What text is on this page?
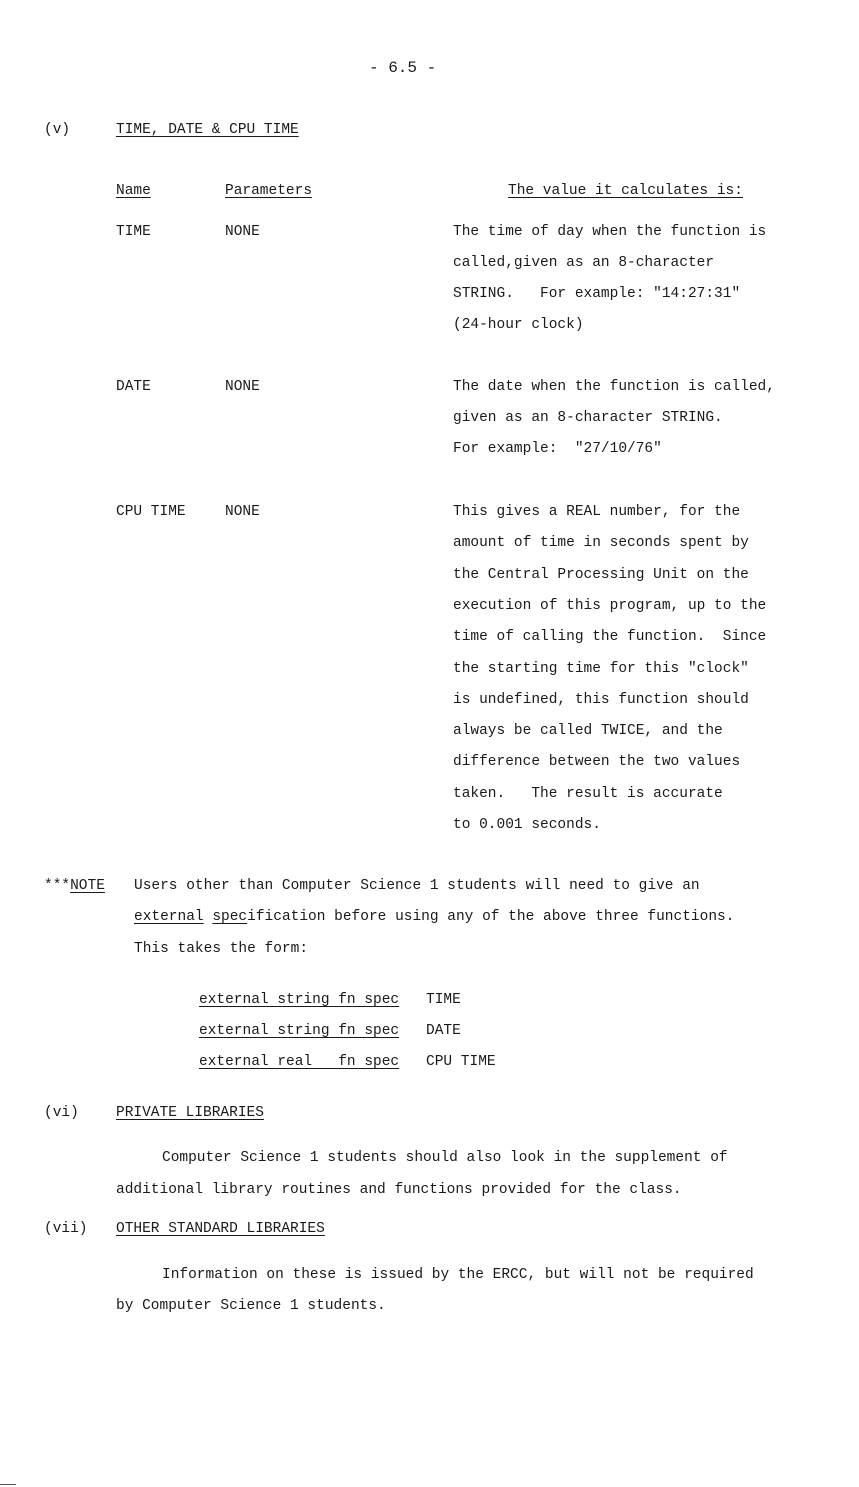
- 6.5 -
(v)	TIME, DATE & CPU TIME
Name	Parameters	The value it calculates is:
TIME	NONE	The time of day when the function is
called,given as an 8-character
STRING.   For example: "14:27:31"
(24-hour clock)
DATE	NONE	The date when the function is called,
given as an 8-character STRING.
For example:  "27/10/76"
CPU TIME	NONE	This gives a REAL number, for the
amount of time in seconds spent by
the Central Processing Unit on the
execution of this program, up to the
time of calling the function.  Since
the starting time for this "clock"
is undefined, this function should
always be called TWICE, and the
difference between the two values
taken.   The result is accurate
to 0.001 seconds.
***NOTE Users other than Computer Science 1 students will need to give an
external specification before using any of the above three functions.
This takes the form:
external string fn spec TIME
external string fn spec DATE
external real   fn spec CPU TIME
(vi)	PRIVATE LIBRARIES
Computer Science 1 students should also look in the supplement of
additional library routines and functions provided for the class.
(vii) OTHER STANDARD LIBRARIES
Information on these is issued by the ERCC, but will not be required
by Computer Science 1 students.
